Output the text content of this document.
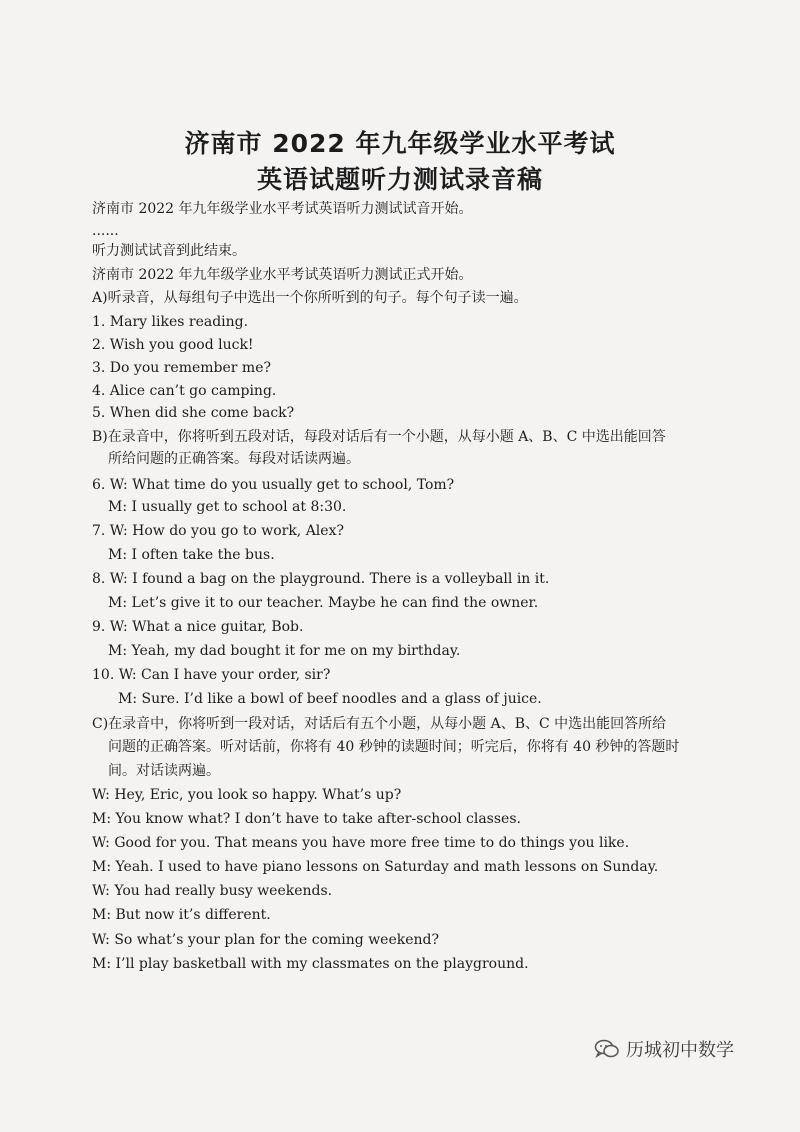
济南市 2022 年九年级学业水平考试
英语试题听力测试录音稿
济南市 2022 年九年级学业水平考试英语听力测试试音开始。
......
听力测试试音到此结束。
济南市 2022 年九年级学业水平考试英语听力测试正式开始。
A)听录音，从每组句子中选出一个你所听到的句子。每个句子读一遍。
1. Mary likes reading.
2. Wish you good luck!
3. Do you remember me?
4. Alice can’t go camping.
5. When did she come back?
B)在录音中，你将听到五段对话，每段对话后有一个小题，从每小题 A、B、C 中选出能回答
所给问题的正确答案。每段对话读两遍。
6. W: What time do you usually get to school, Tom?
M: I usually get to school at 8:30.
7. W: How do you go to work, Alex?
M: I often take the bus.
8. W: I found a bag on the playground. There is a volleyball in it.
M: Let’s give it to our teacher. Maybe he can find the owner.
9. W: What a nice guitar, Bob.
M: Yeah, my dad bought it for me on my birthday.
10. W: Can I have your order, sir?
M: Sure. I’d like a bowl of beef noodles and a glass of juice.
C)在录音中，你将听到一段对话，对话后有五个小题，从每小题 A、B、C 中选出能回答所给
问题的正确答案。听对话前，你将有 40 秒钟的读题时间；听完后，你将有 40 秒钟的答题时
间。对话读两遍。
W: Hey, Eric, you look so happy. What’s up?
M: You know what? I don’t have to take after-school classes.
W: Good for you. That means you have more free time to do things you like.
M: Yeah. I used to have piano lessons on Saturday and math lessons on Sunday.
W: You had really busy weekends.
M: But now it’s different.
W: So what’s your plan for the coming weekend?
M: I’ll play basketball with my classmates on the playground.
历城初中数学
